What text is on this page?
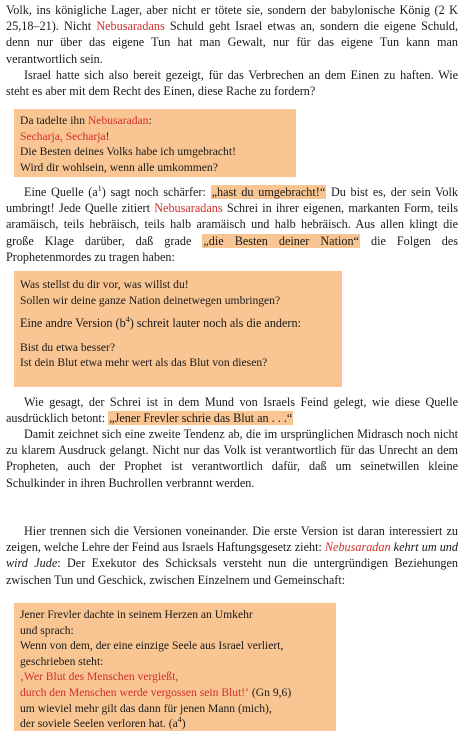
Volk, ins königliche Lager, aber nicht er tötete sie, sondern der babylonische König (2 K 25,18–21). Nicht Nebusaradans Schuld geht Israel etwas an, sondern die eigene Schuld, denn nur über das eigene Tun hat man Gewalt, nur für das eigene Tun kann man verantwortlich sein.

Israel hatte sich also bereit gezeigt, für das Verbrechen an dem Einen zu haften. Wie steht es aber mit dem Recht des Einen, diese Rache zu fordern?

Da tadelte ihn Nebusaradan:

Secharja, Secharja!

Die Besten deines Volks habe ich umgebracht!

Wird dir wohlsein, wenn alle umkommen?

Eine Quelle $(a^1)$ sagt noch schärfer: „hast du umgebracht!“ Du bist es, der sein Volk umbringt! Jede Quelle zitiert Nebusaradans Schrei in ihrer eigenen, markanten Form, teils aramäisch, teils hebräisch, teils halb aramäisch und halb hebräisch. Aus allen klingt die große Klage darüber, daß grade „die Besten deiner Nation“ die Folgen des Prophetenmordes zu tragen haben:

Was stellst du dir vor, was willst du!

Sollen wir deine ganze Nation deinetwegen umbringen?

Eine andre Version $(b^4)$ schreit lauter noch als die andern:

Bist du etwa besser?

Ist dein Blut etwa mehr wert als das Blut von diesen?

Wie gesagt, der Schrei ist in dem Mund von Israels Feind gelegt, wie diese Quelle ausdrücklich betont: „Jener Frevler schrie das Blut an . . .“

Damit zeichnet sich eine zweite Tendenz ab, die im ursprünglichen Midrasch noch nicht zu klarem Ausdruck gelangt. Nicht nur das Volk ist verantwortlich für das Unrecht an dem Propheten, auch der Prophet ist verantwortlich dafür, daß um seinetwillen kleine Schulkinder in ihren Buchrollen verbrannt werden.

Hier trennen sich die Versionen voneinander. Die erste Version ist daran interessiert zu zeigen, welche Lehre der Feind aus Israels Haftungsgesetz zieht: Nebusaradan kehrt um und wird Jude: Der Exekutor des Schicksals versteht nun die untergründigen Beziehungen zwischen Tun und Geschick, zwischen Einzelnem und Gemeinschaft:

Jener Frevler dachte in seinem Herzen an Umkehr

und sprach:

Wenn von dem, der eine einzige Seele aus Israel verliert,

geschrieben steht:

‚Wer Blut des Menschen vergießt,

durch den Menschen werde vergossen sein Blut!‘ (Gn 9,6)

um wieviel mehr gilt das dann für jenen Mann (mich),

der soviele Seelen verloren hat. $(a^4)$
